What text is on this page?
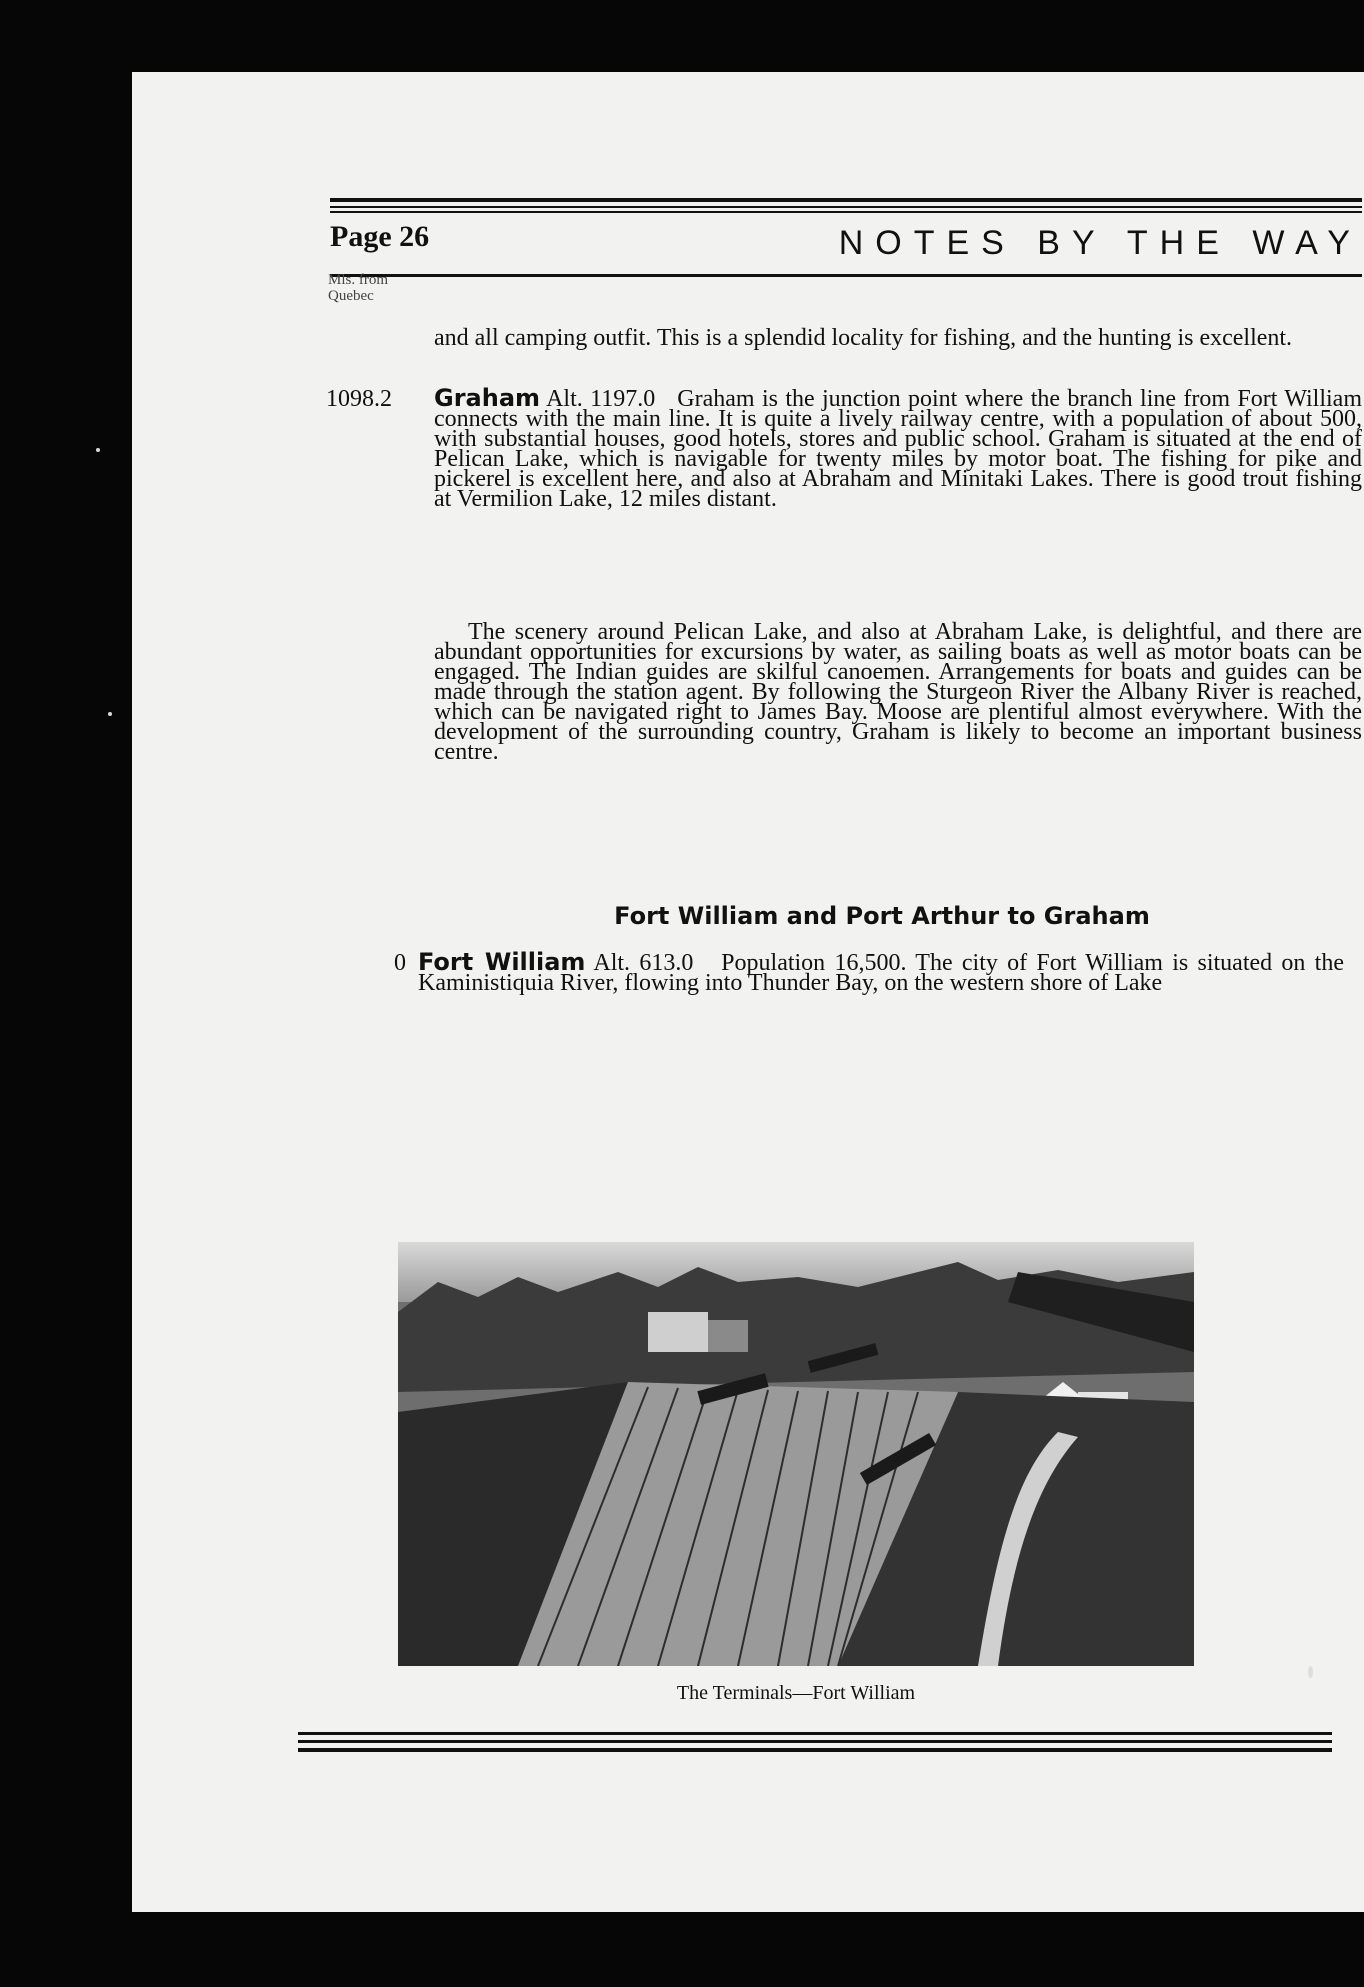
Page 26	NOTES BY THE WAY
Mls. from
Quebec
and all camping outfit. This is a splendid locality for fishing, and the hunting is excellent.
1098.2 Graham Alt. 1197.0 Graham is the junction point where the branch line from Fort William connects with the main line. It is quite a lively railway centre, with a population of about 500, with substantial houses, good hotels, stores and public school. Graham is situated at the end of Pelican Lake, which is navigable for twenty miles by motor boat. The fishing for pike and pickerel is excellent here, and also at Abraham and Minitaki Lakes. There is good trout fishing at Vermilion Lake, 12 miles distant.
The scenery around Pelican Lake, and also at Abraham Lake, is delightful, and there are abundant opportunities for excursions by water, as sailing boats as well as motor boats can be engaged. The Indian guides are skilful canoemen. Arrangements for boats and guides can be made through the station agent. By following the Sturgeon River the Albany River is reached, which can be navigated right to James Bay. Moose are plentiful almost everywhere. With the development of the surrounding country, Graham is likely to become an important business centre.
Fort William and Port Arthur to Graham
0 Fort William Alt. 613.0 Population 16,500. The city of Fort William is situated on the Kaministiquia River, flowing into Thunder Bay, on the western shore of Lake
The Terminals—Fort William
